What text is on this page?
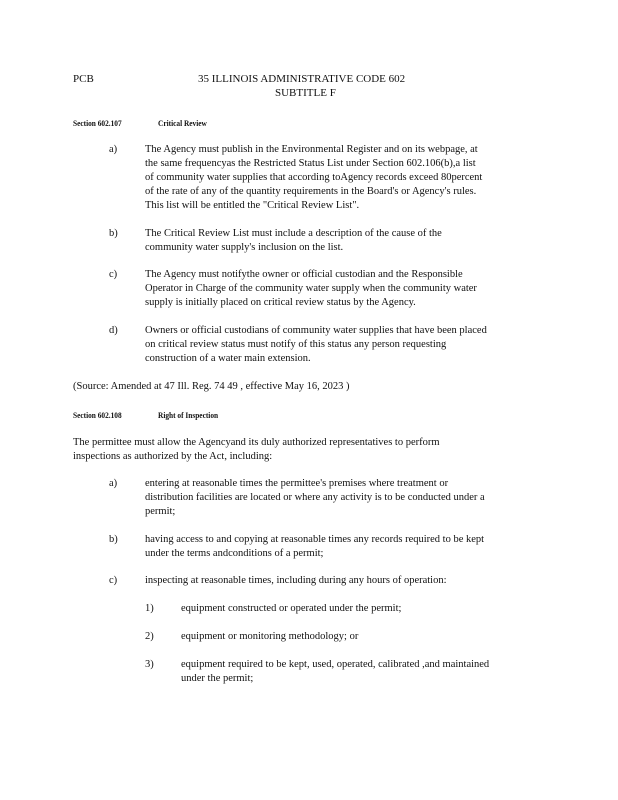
PCB	35 ILLINOIS ADMINISTRATIVE CODE 602
SUBTITLE F
Section 602.107	Critical Review
a)	The Agency must publish in the Environmental Register and on its webpage, at
the same frequencyas the Restricted Status List under Section 602.106(b),a list
of community water supplies that according toAgency records exceed 80percent
of the rate of any of the quantity requirements in the Board's or Agency's rules.
This list will be entitled the "Critical Review List".
b)	The Critical Review List must include a description of the cause of the
community water supply's inclusion on the list.
c)	The Agency must notifythe owner or official custodian and the Responsible
Operator in Charge of the community water supply when the community water
supply is initially placed on critical review status by the Agency.
d)	Owners or official custodians of community water supplies that have been placed
on critical review status must notify of this status any person requesting
construction of a water main extension.
(Source: Amended at 47 Ill. Reg. 74 49 , effective May 16, 2023 )
Section 602.108	Right of Inspection
The permittee must allow the Agencyand its duly authorized representatives to perform
inspections as authorized by the Act, including:
a)	entering at reasonable times the permittee's premises where treatment or
distribution facilities are located or where any activity is to be conducted under a
permit;
b)	having access to and copying at reasonable times any records required to be kept
under the terms andconditions of a permit;
c)	inspecting at reasonable times, including during any hours of operation:
1)	equipment constructed or operated under the permit;
2)	equipment or monitoring methodology; or
3)	equipment required to be kept, used, operated, calibrated ,and maintained
under the permit;
